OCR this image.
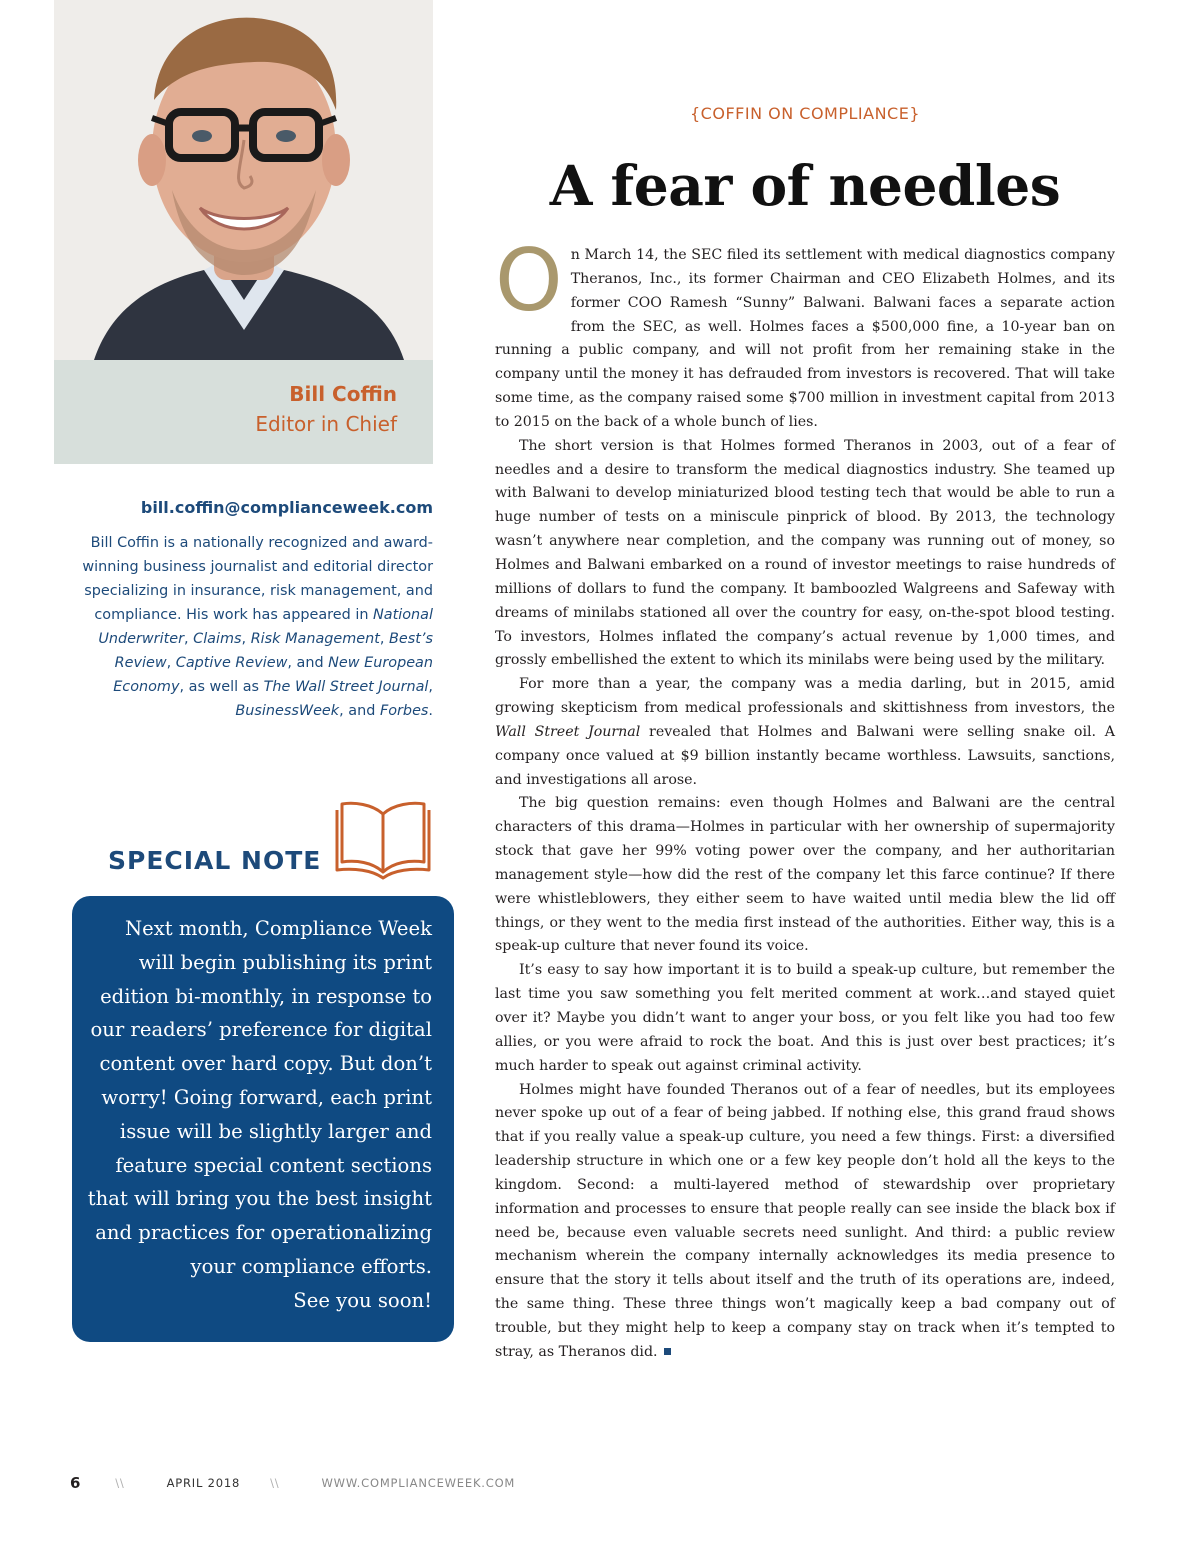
Bill Coffin
Editor in Chief
bill.coffin@complianceweek.com
Bill Coffin is a nationally recognized and award-winning business journalist and editorial director specializing in insurance, risk management, and compliance. His work has appeared in National Underwriter, Claims, Risk Management, Best’s Review, Captive Review, and New European Economy, as well as The Wall Street Journal, BusinessWeek, and Forbes.
SPECIAL NOTE
Next month, Compliance Week
will begin publishing its print
edition bi-monthly, in response to
our readers’ preference for digital
content over hard copy. But don’t
worry! Going forward, each print
issue will be slightly larger and
feature special content sections
that will bring you the best insight
and practices for operationalizing
your compliance efforts.
See you soon!
{COFFIN ON COMPLIANCE}
A fear of needles

On March 14, the SEC filed its settlement with medical diagnostics company Theranos, Inc., its former Chairman and CEO Elizabeth Holmes, and its former COO Ramesh “Sunny” Balwani. Balwani faces a separate action from the SEC, as well. Holmes faces a $500,000 fine, a 10-year ban on running a public company, and will not profit from her remaining stake in the company until the money it has defrauded from investors is recovered. That will take some time, as the company raised some $700 million in investment capital from 2013 to 2015 on the back of a whole bunch of lies.

The short version is that Holmes formed Theranos in 2003, out of a fear of needles and a desire to transform the medical diagnostics industry. She teamed up with Balwani to develop miniaturized blood testing tech that would be able to run a huge number of tests on a miniscule pinprick of blood. By 2013, the technology wasn’t anywhere near completion, and the company was running out of money, so Holmes and Balwani embarked on a round of investor meetings to raise hundreds of millions of dollars to fund the company. It bamboozled Walgreens and Safeway with dreams of minilabs stationed all over the country for easy, on-the-spot blood testing. To investors, Holmes inflated the company’s actual revenue by 1,000 times, and grossly embellished the extent to which its minilabs were being used by the military.

For more than a year, the company was a media darling, but in 2015, amid growing skepticism from medical professionals and skittishness from investors, the Wall Street Journal revealed that Holmes and Balwani were selling snake oil. A company once valued at $9 billion instantly became worthless. Lawsuits, sanctions, and investigations all arose.

The big question remains: even though Holmes and Balwani are the central characters of this drama—Holmes in particular with her ownership of supermajority stock that gave her 99% voting power over the company, and her authoritarian management style—how did the rest of the company let this farce continue? If there were whistleblowers, they either seem to have waited until media blew the lid off things, or they went to the media first instead of the authorities. Either way, this is a speak-up culture that never found its voice.

It’s easy to say how important it is to build a speak-up culture, but remember the last time you saw something you felt merited comment at work…and stayed quiet over it? Maybe you didn’t want to anger your boss, or you felt like you had too few allies, or you were afraid to rock the boat. And this is just over best practices; it’s much harder to speak out against criminal activity.

Holmes might have founded Theranos out of a fear of needles, but its employees never spoke up out of a fear of being jabbed. If nothing else, this grand fraud shows that if you really value a speak-up culture, you need a few things. First: a diversified leadership structure in which one or a few key people don’t hold all the keys to the kingdom. Second: a multi-layered method of stewardship over proprietary information and processes to ensure that people really can see inside the black box if need be, because even valuable secrets need sunlight. And third: a public review mechanism wherein the company internally acknowledges its media presence to ensure that the story it tells about itself and the truth of its operations are, indeed, the same thing. These three things won’t magically keep a bad company out of trouble, but they might help to keep a company stay on track when it’s tempted to stray, as Theranos did.

6	\\	APRIL 2018	\\	WWW.COMPLIANCEWEEK.COM
